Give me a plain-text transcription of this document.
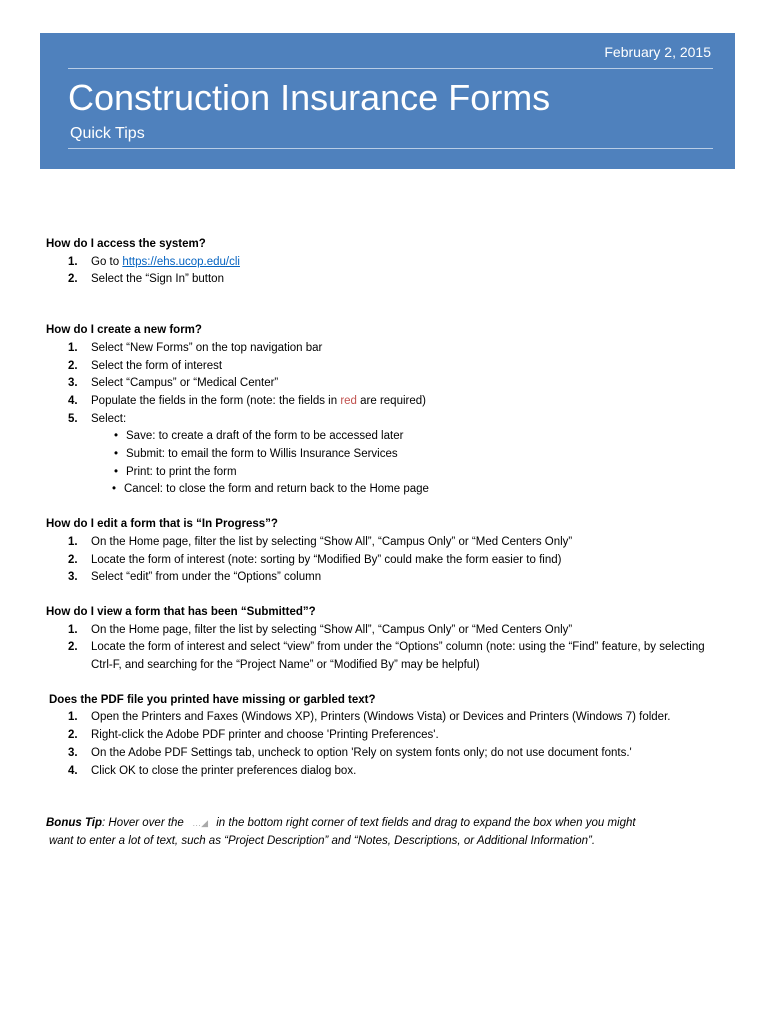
February 2, 2015
Construction Insurance Forms
Quick Tips

How do I access the system?

1. Go to https://ehs.ucop.edu/cli
2. Select the “Sign In” button

How do I create a new form?

1. Select “New Forms” on the top navigation bar
2. Select the form of interest
3. Select “Campus” or “Medical Center”
4. Populate the fields in the form (note: the fields in red are required)
5. Select:
• Save: to create a draft of the form to be accessed later
• Submit: to email the form to Willis Insurance Services
• Print: to print the form
• Cancel: to close the form and return back to the Home page

How do I edit a form that is “In Progress”?

1. On the Home page, filter the list by selecting “Show All”, “Campus Only” or “Med Centers Only”
2. Locate the form of interest (note: sorting by “Modified By” could make the form easier to find)
3. Select “edit” from under the “Options” column

How do I view a form that has been “Submitted”?

1. On the Home page, filter the list by selecting “Show All”, “Campus Only” or “Med Centers Only”
2. Locate the form of interest and select “view” from under the “Options” column (note: using the “Find” feature, by selecting Ctrl-F, and searching for the “Project Name” or “Modified By” may be helpful)

Does the PDF file you printed have missing or garbled text?

1. Open the Printers and Faxes (Windows XP), Printers (Windows Vista) or Devices and Printers (Windows 7) folder.
2. Right-click the Adobe PDF printer and choose 'Printing Preferences'.
3. On the Adobe PDF Settings tab, uncheck to option 'Rely on system fonts only; do not use document fonts.'
4. Click OK to close the printer preferences dialog box.
Bonus Tip: Hover over the …◢ in the bottom right corner of text fields and drag to expand the box when you might
want to enter a lot of text, such as “Project Description” and “Notes, Descriptions, or Additional Information”.
